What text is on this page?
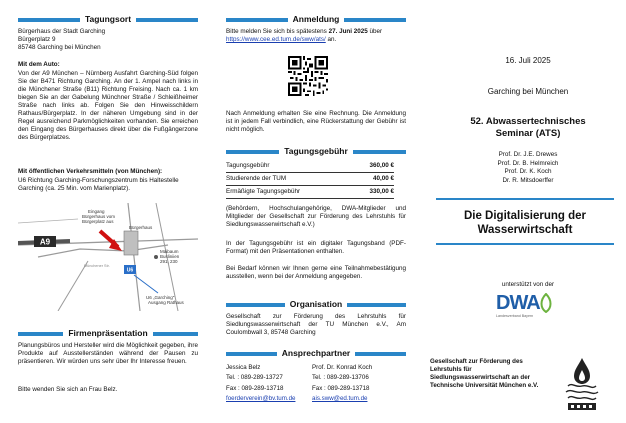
Tagungsort
Bürgerhaus der Stadt Garching
Bürgerplatz 9
85748 Garching bei München
Mit dem Auto:
Von der A9 München – Nürnberg Ausfahrt Garching-Süd folgen Sie der B471 Richtung Garching. An der 1. Ampel nach links in die Münchener Straße (B11) Richtung Freising. Nach ca. 1 km biegen Sie an der Gabelung Münchner Straße / Schleißheimer Straße nach links ab. Folgen Sie den Hinweisschildern Rathaus/Bürgerplatz. In der näheren Umgebung sind in der Regel ausreichend Parkmöglichkeiten vorhanden. Sie erreichen den Eingang des Bürgerhauses direkt über die Fußgängerzone des Bürgerplatzes.
Mit öffentlichen Verkehrsmitteln (von München):
U6 Richtung Garching-Forschungszentrum bis Haltestelle Garching (ca. 25 Min. vom Marienplatz).
A9
Bürgerhaus
Eingang Bürgerhaus vom Bürgerplatz aus
Maibaum Busliniien 291, 230
U6
U6 „Garching" Ausgang Rathaus
Münchener Str.
Firmenpräsentation
Planungsbüros und Hersteller wird die Möglichkeit gegeben, ihre Produkte auf Ausstellerständen während der Pausen zu präsentieren. Wir würden uns sehr über Ihr Interesse freuen.
Bitte wenden Sie sich an Frau Belz.
Anmeldung
Bitte melden Sie sich bis spätestens 27. Juni 2025 über https://www.cee.ed.tum.de/sww/ats/ an.
Nach Anmeldung erhalten Sie eine Rechnung. Die Anmeldung ist in jedem Fall verbindlich, eine Rückerstattung der Gebühr ist nicht möglich.
Tagungsgebühr
Tagungsgebühr	360,00 €
Studierende der TUM	40,00 €
Ermäßigte Tagungsgebühr	330,00 €
(Behördern, Hochschulangehörige, DWA-Mitglieder und Mitglieder der Gesellschaft zur Förderung des Lehrstuhls für Siedlungswasserwirtschaft e.V.)
In der Tagungsgebühr ist ein digitaler Tagungsband (PDF-Format) mit den Präsentationen enthalten.
Bei Bedarf können wir Ihnen gerne eine Teilnahmebestätigung ausstellen, wenn bei der Anmeldung angegeben.
Organisation
Gesellschaft zur Förderung des Lehrstuhls für Siedlungswasserwirtschaft der TU München e.V., Am Coulombwall 3, 85748 Garching
Ansprechpartner
Jessica Belz	Prof. Dr. Konrad Koch
Tel. : 089-289-13727	Tel. : 089-289-13706
Fax : 089-289-13718	Fax : 089-289-13718
foerderverein@bv.tum.de	ais.sww@ed.tum.de
16. Juli 2025
Garching bei München
52. Abwassertechnisches Seminar (ATS)
Prof. Dr. J.E. Drewes
Prof. Dr. B. Helmreich
Prof. Dr. K. Koch
Dr. R. Mitsdoerffer
Die Digitalisierung der Wasserwirtschaft
unterstützt von der
DWA
Landesverband Bayern
Gesellschaft zur Förderung des Lehrstuhls für Siedlungswasserwirtschaft an der Technische Universität München e.V.
